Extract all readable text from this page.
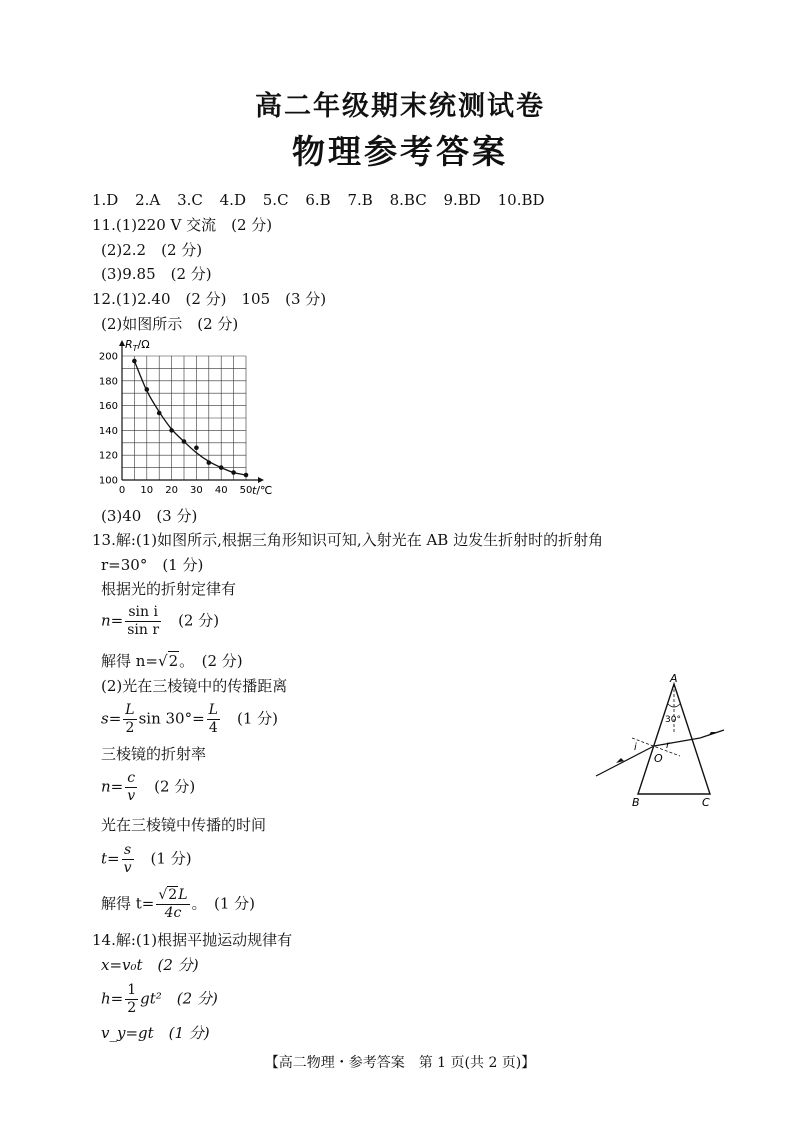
高二年级期末统测试卷
物理参考答案
1.D 2.A 3.C 4.D 5.C 6.B 7.B 8.BC 9.BD 10.BD
11.(1)220 V 交流　(2 分)
(2)2.2　(2 分)
(3)9.85　(2 分)
12.(1)2.40　(2 分)　105　(3 分)
(2)如图所示　(2 分)
0 10 20 30 40 50
100
120
140
160
180
200
$R_T/\Omega$
t/℃
(3)40　(3 分)
13.解:(1)如图所示,根据三角形知识可知,入射光在 AB 边发生折射时的折射角
r=30°　(1 分)
根据光的折射定律有
$n= \frac{\text{sin i}}{\text{sin r}}$ 　(2 分)
解得 n=√2。　(2 分)
(2)光在三棱镜中的传播距离
$s= \frac{L}{2}$ $\sin 30^\circ= \frac{L}{4}$ 　(1 分)
三棱镜的折射率
$n= \frac{c}{v}$ 　(2 分)
光在三棱镜中传播的时间
$t= \frac{s}{v}$ 　(1 分)
解得 $t= \frac{√2L}{4c}$ 。　(1 分)
A
B	C
O
30°
i	r
14.解:(1)根据平抛运动规律有
x=v₀t　(2 分)
$h= \frac{1}{2} gt^2$　(2 分)
v_y=gt　(1 分)
【高二物理・参考答案　第 1 页(共 2 页)】
